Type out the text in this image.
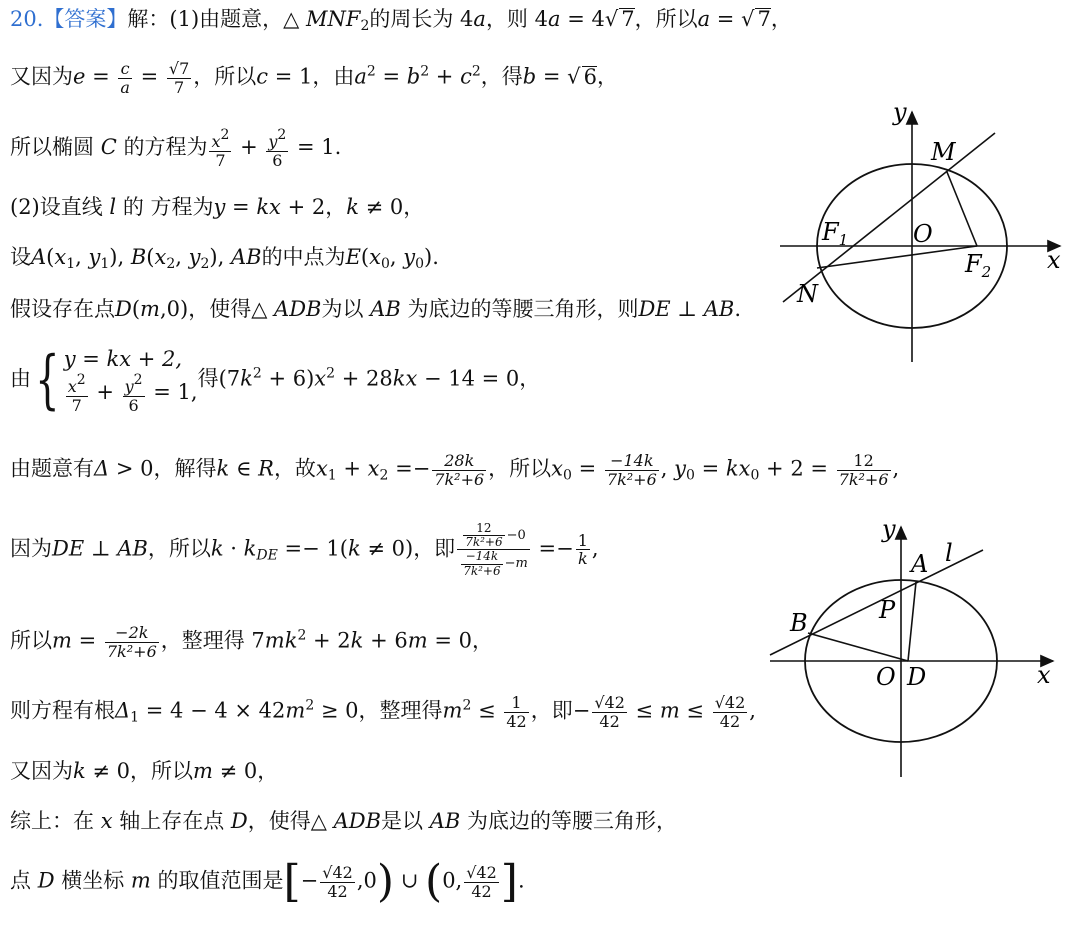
20.【答案】解：(1)由题意，△ $MNF_2$的周长为 4a，则 4a = 4√ 7，所以a = √ 7，
又因为$e = \frac{c}{a} = \frac{√7}{7}$ ，所以c = 1，由$a^2 = b^2 + c^2$，得b = √ 6，
所以椭圆 C 的方程为 $\frac{x2}{7} + \frac{y2}{6} = 1$.
(2)设直线 l 的 方程为y = kx + 2，k ≠ 0，
设$A(x_1$, $y_1$), $B(x_2$, $y_2$), AB的中点为$E(x_0$, $y_0$).
假设存在点D(m,0)，使得△ ADB为以 AB 为底边的等腰三角形，则DE ⊥ AB.
由{ y = kx + 2,
$\frac{x2}{7} + \frac{y2}{6} = 1$,
得$(7k^2 + 6)x^2 + 28kx - 14 = 0$，
由题意有Δ > 0，解得k ∈ R，故$x_1 + x_2 =- \frac{28k}{\text{7k²+6}}$ ，所以$x_0 = \frac{-14k}{\text{7k²+6}}$ , $y_0 = kx_0 + 2 = \frac{12}{\text{7k²+6}}$ ,
因为DE ⊥ AB，所以$k \cdot k_{DE} =- 1(k \ne 0)$，即 $\frac{\frac{12}{\text{7k²+6}} -0}{\frac{-14k}{\text{7k²+6}} -m} =- \frac{1}{k}$ ,
所以$m = \frac{-2k}{\text{7k²+6}}$ ，整理得 $7mk^2 + 2k + 6m = 0$，
则方程有根$\Delta_1 = 4 - 4 \times 42m^2 \ge 0$，整理得$m^2 \le \frac{1}{42}$ ，即− $\frac{√42}{42} \le m \le \frac{√42}{42}$ ,
又因为k ≠ 0，所以m ≠ 0，
综上：在 x 轴上存在点 D，使得△ ADB是以 AB 为底边的等腰三角形，
点 D 横坐标 m 的取值范围是[− $\frac{√42}{42} ,0$) ∪ (0, $\frac{√42}{42}$ ].
y
x
M
$F_1$	O
$F_2$
N
y
x
l
A
P
B
O D
